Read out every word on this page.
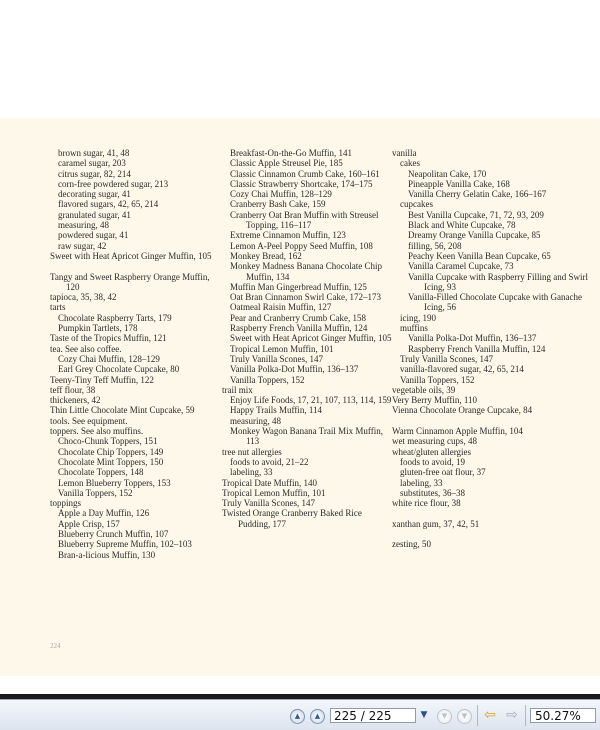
brown sugar, 41, 48
caramel sugar, 203
citrus sugar, 82, 214
corn-free powdered sugar, 213
decorating sugar, 41
flavored sugars, 42, 65, 214
granulated sugar, 41
measuring, 48
powdered sugar, 41
raw sugar, 42
Sweet with Heat Apricot Ginger Muffin, 105
Tangy and Sweet Raspberry Orange Muffin, 120
tapioca, 35, 38, 42
tarts
Chocolate Raspberry Tarts, 179
Pumpkin Tartlets, 178
Taste of the Tropics Muffin, 121
tea. See also coffee.
Cozy Chai Muffin, 128–129
Earl Grey Chocolate Cupcake, 80
Teeny-Tiny Teff Muffin, 122
teff flour, 38
thickeners, 42
Thin Little Chocolate Mint Cupcake, 59
tools. See equipment.
toppers. See also muffins.
Choco-Chunk Toppers, 151
Chocolate Chip Toppers, 149
Chocolate Mint Toppers, 150
Chocolate Toppers, 148
Lemon Blueberry Toppers, 153
Vanilla Toppers, 152
toppings
Apple a Day Muffin, 126
Apple Crisp, 157
Blueberry Crunch Muffin, 107
Blueberry Supreme Muffin, 102–103
Bran-a-licious Muffin, 130
Breakfast-On-the-Go Muffin, 141
Classic Apple Streusel Pie, 185
Classic Cinnamon Crumb Cake, 160–161
Classic Strawberry Shortcake, 174–175
Cozy Chai Muffin, 128–129
Cranberry Bash Cake, 159
Cranberry Oat Bran Muffin with Streusel Topping, 116–117
Extreme Cinnamon Muffin, 123
Lemon A-Peel Poppy Seed Muffin, 108
Monkey Bread, 162
Monkey Madness Banana Chocolate Chip Muffin, 134
Muffin Man Gingerbread Muffin, 125
Oat Bran Cinnamon Swirl Cake, 172–173
Oatmeal Raisin Muffin, 127
Pear and Cranberry Crumb Cake, 158
Raspberry French Vanilla Muffin, 124
Sweet with Heat Apricot Ginger Muffin, 105
Tropical Lemon Muffin, 101
Truly Vanilla Scones, 147
Vanilla Polka-Dot Muffin, 136–137
Vanilla Toppers, 152
trail mix
Enjoy Life Foods, 17, 21, 107, 113, 114, 159
Happy Trails Muffin, 114
measuring, 48
Monkey Wagon Banana Trail Mix Muffin, 113
tree nut allergies
foods to avoid, 21–22
labeling, 33
Tropical Date Muffin, 140
Tropical Lemon Muffin, 101
Truly Vanilla Scones, 147
Twisted Orange Cranberry Baked Rice Pudding, 177
vanilla
cakes
Neapolitan Cake, 170
Pineapple Vanilla Cake, 168
Vanilla Cherry Gelatin Cake, 166–167
cupcakes
Best Vanilla Cupcake, 71, 72, 93, 209
Black and White Cupcake, 78
Dreamy Orange Vanilla Cupcake, 85
filling, 56, 208
Peachy Keen Vanilla Bean Cupcake, 65
Vanilla Caramel Cupcake, 73
Vanilla Cupcake with Raspberry Filling and Swirl Icing, 93
Vanilla-Filled Chocolate Cupcake with Ganache Icing, 56
icing, 190
muffins
Vanilla Polka-Dot Muffin, 136–137
Raspberry French Vanilla Muffin, 124
Truly Vanilla Scones, 147
vanilla-flavored sugar, 42, 65, 214
Vanilla Toppers, 152
vegetable oils, 39
Very Berry Muffin, 110
Vienna Chocolate Orange Cupcake, 84
Warm Cinnamon Apple Muffin, 104
wet measuring cups, 48
wheat/gluten allergies
foods to avoid, 19
gluten-free oat flour, 37
labeling, 33
substitutes, 36–38
white rice flour, 38
xanthan gum, 37, 42, 51
zesting, 50
224
▲	▲	225 / 225	▼	▼	▼	⇦ ⇨	50.27%
